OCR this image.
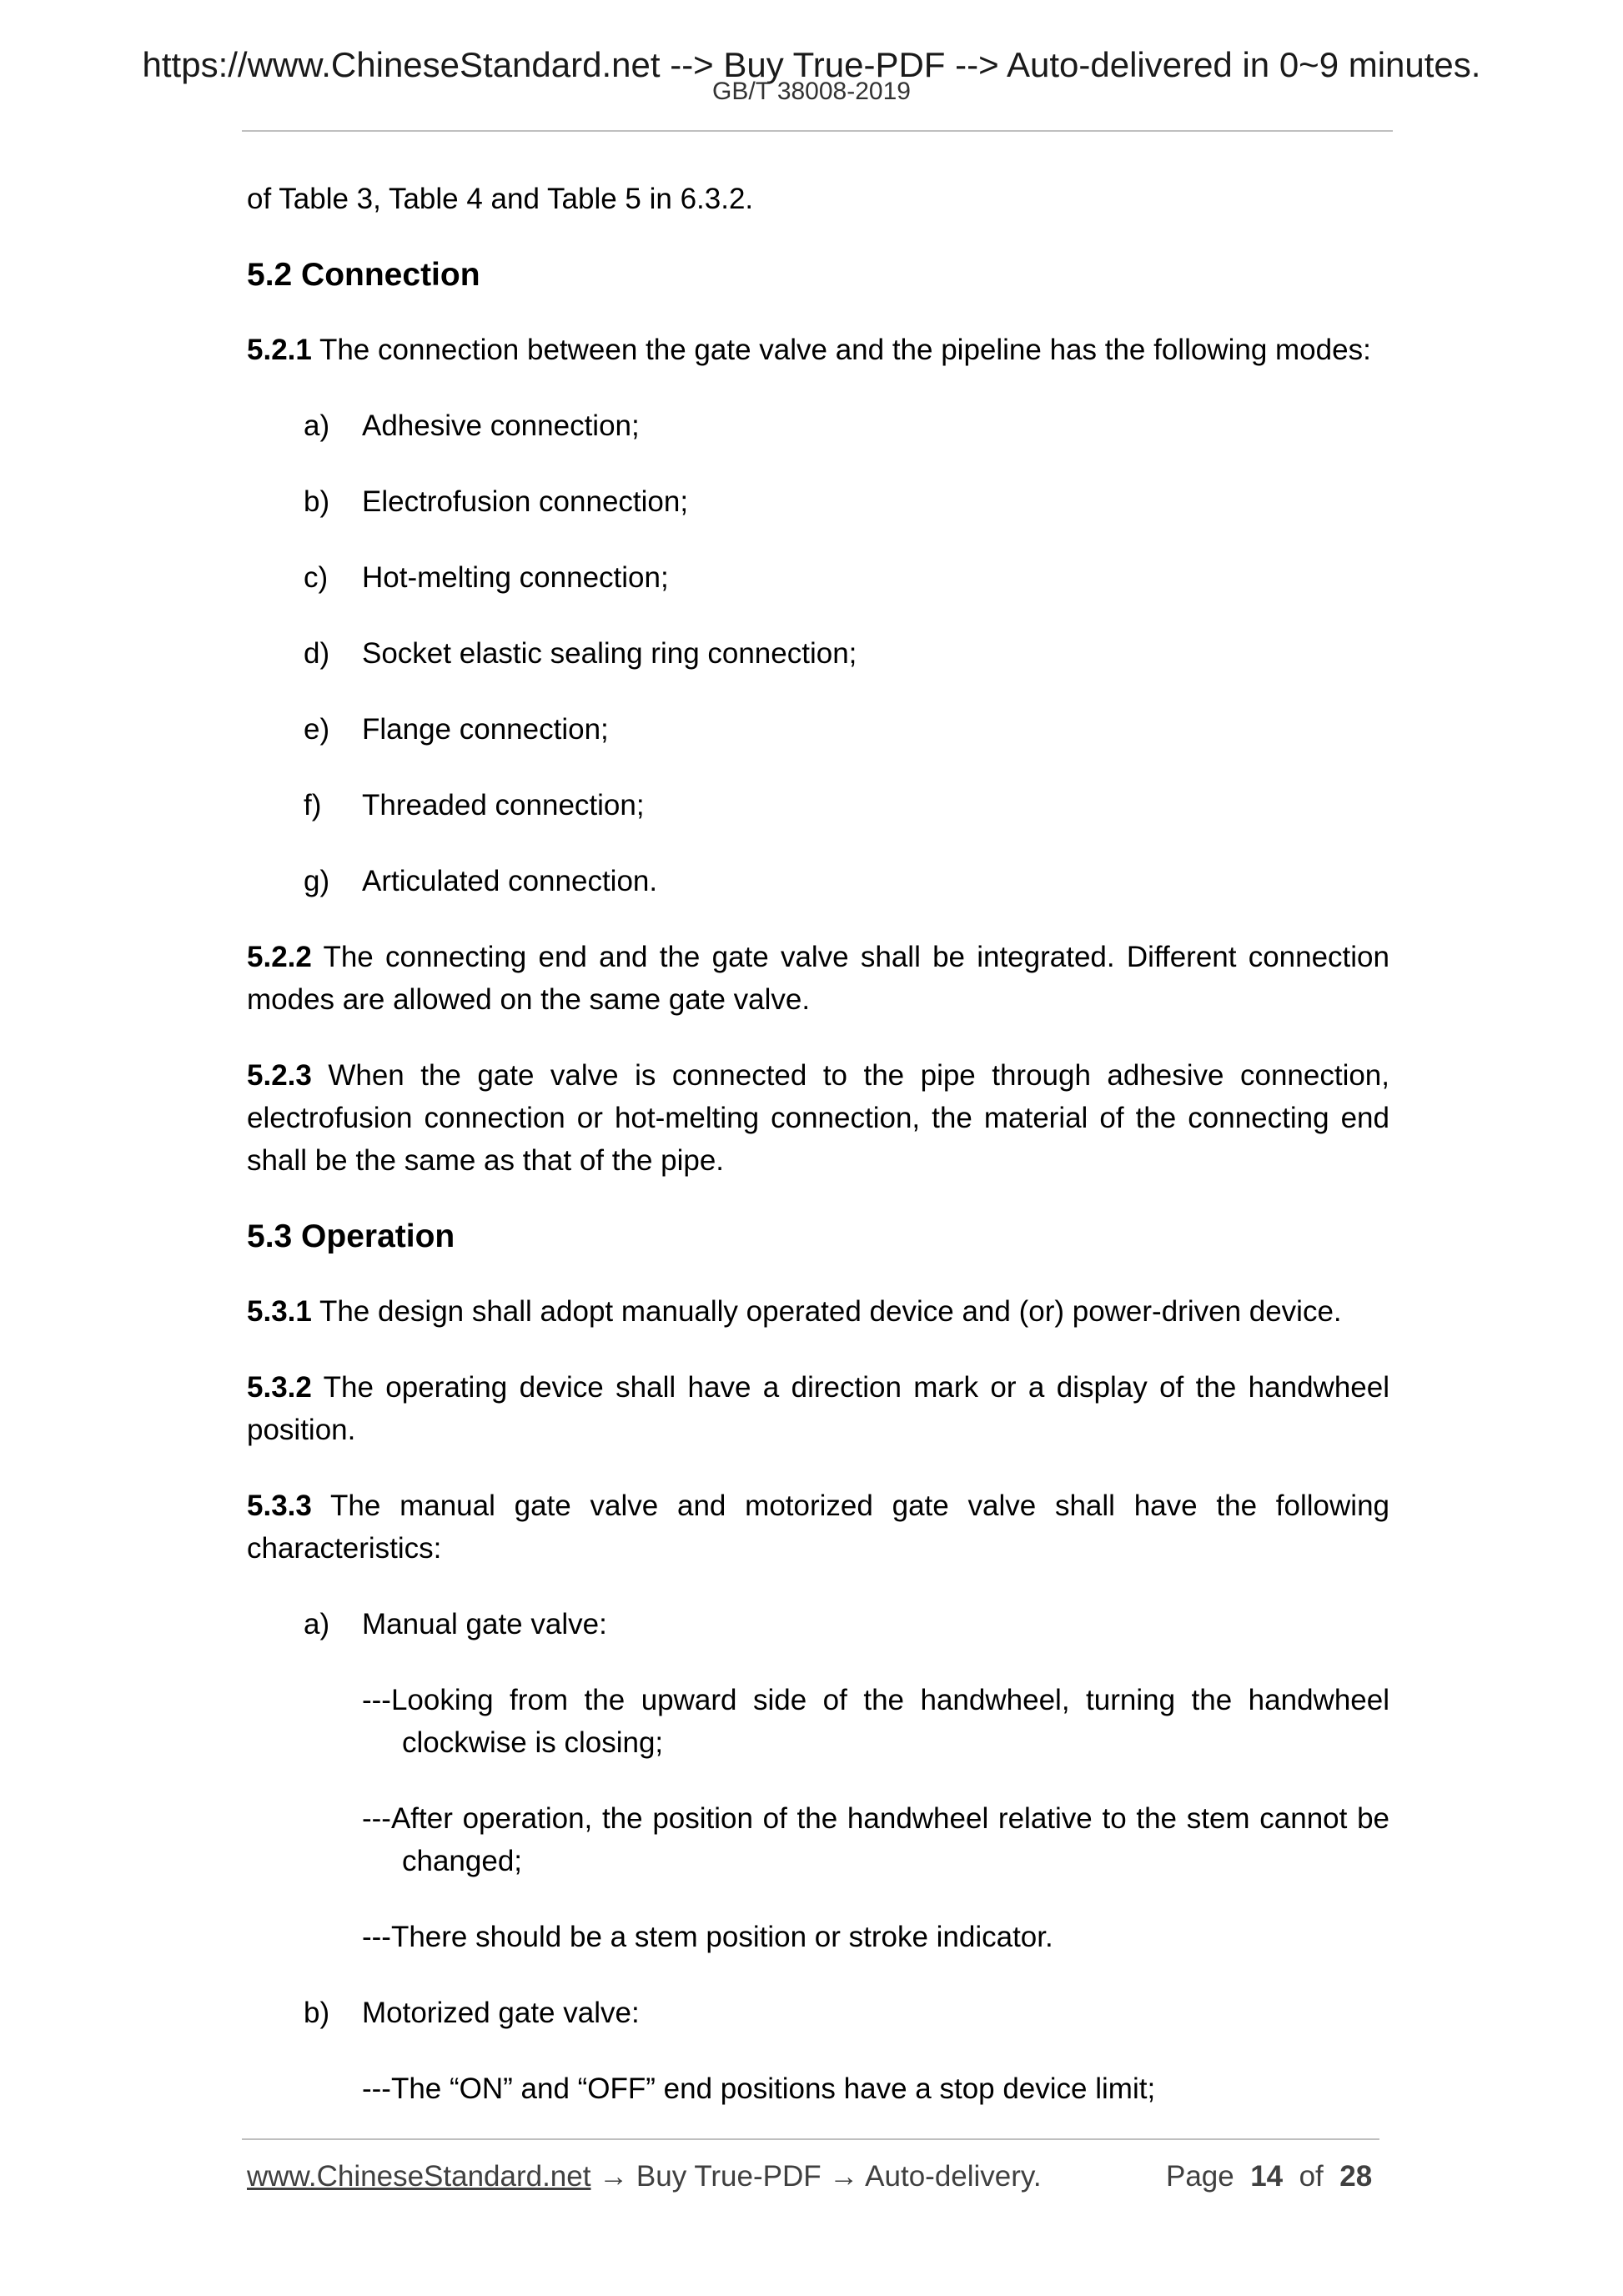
https://www.ChineseStandard.net --> Buy True-PDF --> Auto-delivered in 0~9 minutes.
GB/T 38008-2019

of Table 3, Table 4 and Table 5 in 6.3.2.

5.2 Connection

5.2.1 The connection between the gate valve and the pipeline has the following modes:

a) Adhesive connection;
b) Electrofusion connection;
c) Hot-melting connection;
d) Socket elastic sealing ring connection;
e) Flange connection;
f) Threaded connection;
g) Articulated connection.

5.2.2 The connecting end and the gate valve shall be integrated. Different connection modes are allowed on the same gate valve.

5.2.3 When the gate valve is connected to the pipe through adhesive connection, electrofusion connection or hot-melting connection, the material of the connecting end shall be the same as that of the pipe.

5.3 Operation

5.3.1 The design shall adopt manually operated device and (or) power-driven device.

5.3.2 The operating device shall have a direction mark or a display of the handwheel position.

5.3.3 The manual gate valve and motorized gate valve shall have the following characteristics:

a) Manual gate valve:
---Looking from the upward side of the handwheel, turning the handwheel clockwise is closing;
---After operation, the position of the handwheel relative to the stem cannot be changed;
---There should be a stem position or stroke indicator.
b) Motorized gate valve:
---The “ON” and “OFF” end positions have a stop device limit;
www.ChineseStandard.net → Buy True-PDF → Auto-delivery.	Page 14 of 28
